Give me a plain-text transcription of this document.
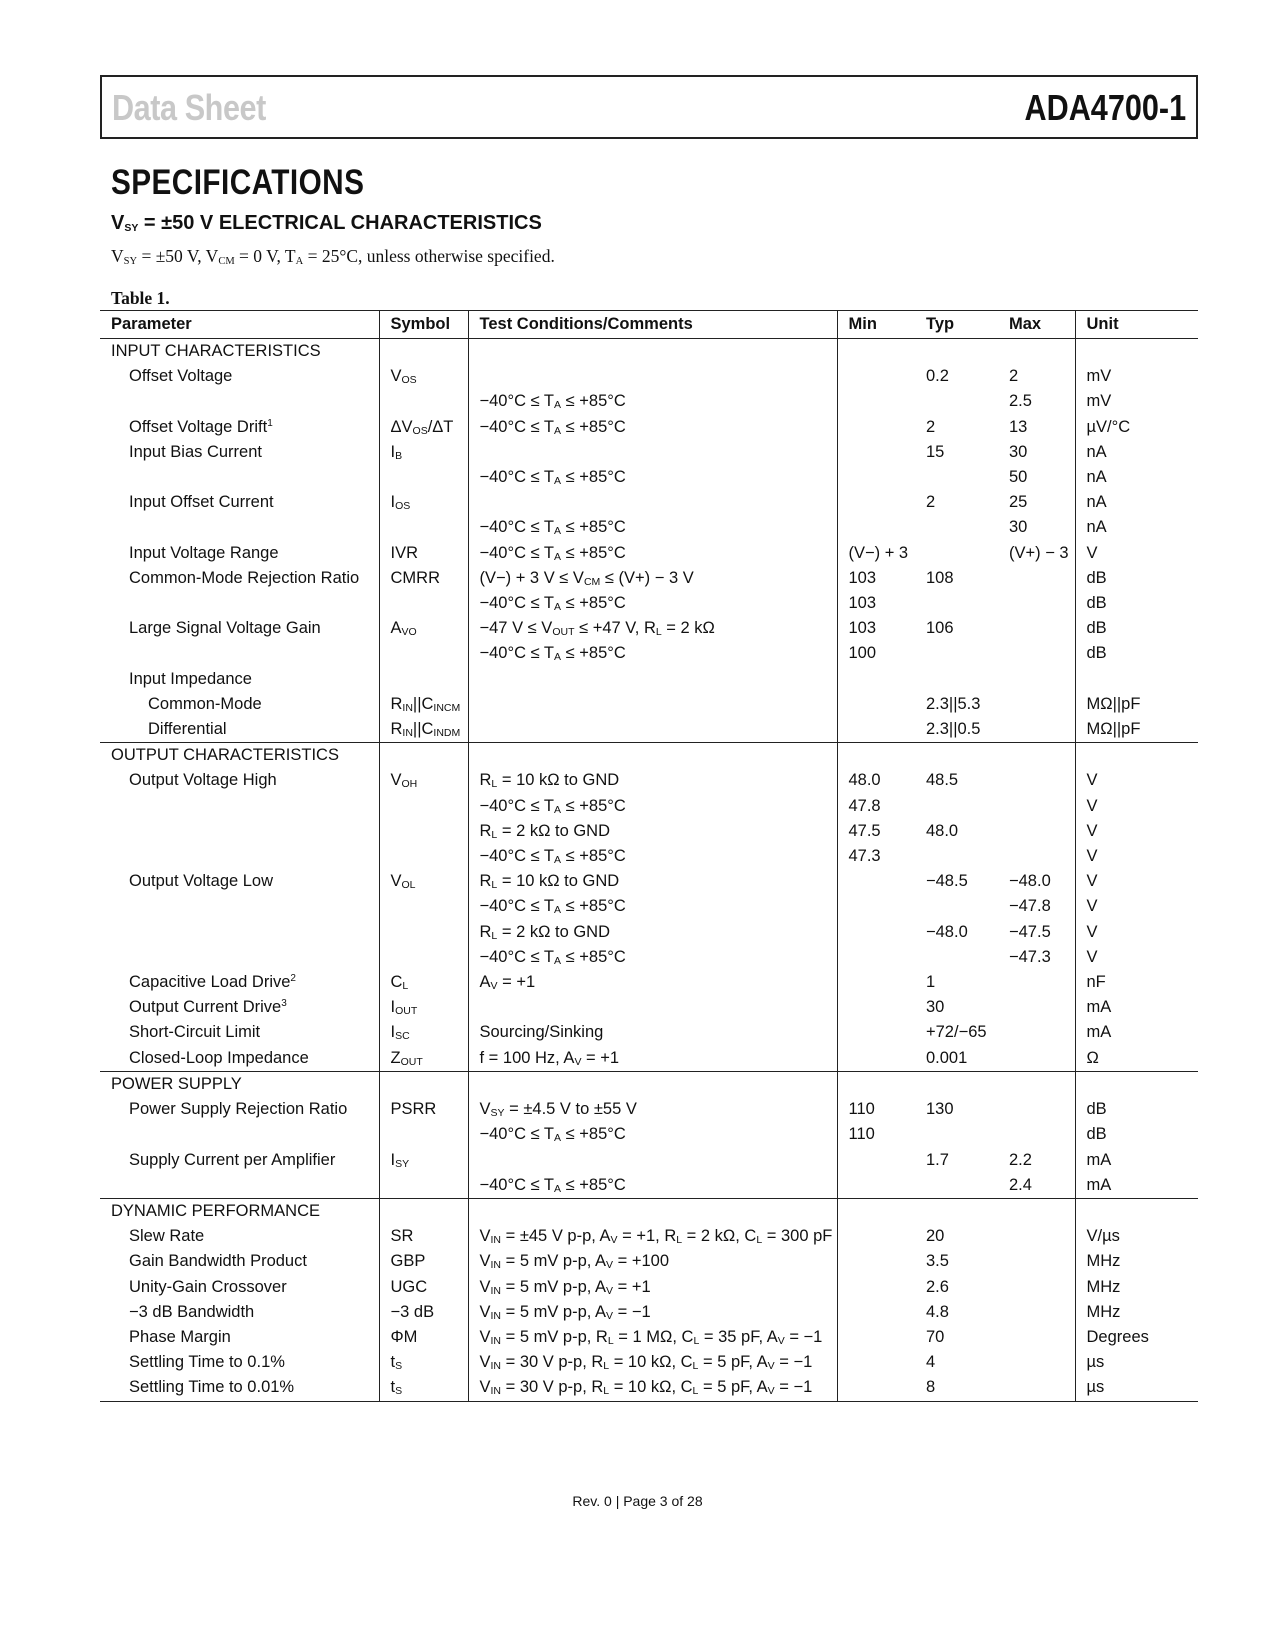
Data Sheet	ADA4700-1
SPECIFICATIONS
$V_{SY} = \pm 50$ V ELECTRICAL CHARACTERISTICS
$V_{SY} = \pm 50$ V, $V_{CM} = 0$ V, $T_A = 25^\circ C$, unless otherwise specified.
Table 1.
Parameter	Symbol	Test Conditions/Comments	Min	Typ	Max	Unit
INPUT CHARACTERISTICS						
Offset Voltage	$V_{OS}$			0.2	2	mV
		$-40^\circ C \le T_A \le +85^\circ C$			2.5	mV
Offset Voltage Drift$^1$	$\Delta V_{OS}/\Delta T$	$-40^\circ C \le T_A \le +85^\circ C$		2	13	µV/°C
Input Bias Current	$I_B$			15	30	nA
		$-40^\circ C \le T_A \le +85^\circ C$			50	nA
Input Offset Current	$I_{OS}$			2	25	nA
		$-40^\circ C \le T_A \le +85^\circ C$			30	nA
Input Voltage Range	IVR	$-40^\circ C \le T_A \le +85^\circ C$	(V−) + 3		(V+) − 3	V
Common-Mode Rejection Ratio	CMRR	(V−) + 3 $V \le V_{CM} \le (V+) - 3$ V	103	108		dB
		$-40^\circ C \le T_A \le +85^\circ C$	103			dB
Large Signal Voltage Gain	$A_{VO}$	−47 $V \le V_{OUT} \le +47$ V, $R_L = 2$ kΩ	103	106		dB
		$-40^\circ C \le T_A \le +85^\circ C$	100			dB
Input Impedance						
Common-Mode	$R_{IN}||C_{INCM}$			2.3||5.3		MΩ||pF
Differential	$R_{IN}||C_{INDM}$			2.3||0.5		MΩ||pF
OUTPUT CHARACTERISTICS						
Output Voltage High	$V_{OH}$	$R_L = 10$ kΩ to GND	48.0	48.5		V
		$-40^\circ C \le T_A \le +85^\circ C$	47.8			V
		$R_L = 2$ kΩ to GND	47.5	48.0		V
		$-40^\circ C \le T_A \le +85^\circ C$	47.3			V
Output Voltage Low	$V_{OL}$	$R_L = 10$ kΩ to GND		−48.5	−48.0	V
		$-40^\circ C \le T_A \le +85^\circ C$			−47.8	V
		$R_L = 2$ kΩ to GND		−48.0	−47.5	V
		$-40^\circ C \le T_A \le +85^\circ C$			−47.3	V
Capacitive Load Drive$^2$	$C_L$	$A_V = +1$		1		nF
Output Current Drive$^3$	$I_{OUT}$			30		mA
Short-Circuit Limit	$I_{SC}$	Sourcing/Sinking		+72/−65		mA
Closed-Loop Impedance	$Z_{OUT}$	f = 100 Hz, $A_V = +1$		0.001		Ω
POWER SUPPLY						
Power Supply Rejection Ratio	PSRR	$V_{SY} = \pm 4.5$ V to ±55 V	110	130		dB
		$-40^\circ C \le T_A \le +85^\circ C$	110			dB
Supply Current per Amplifier	$I_{SY}$			1.7	2.2	mA
		$-40^\circ C \le T_A \le +85^\circ C$			2.4	mA
DYNAMIC PERFORMANCE						
Slew Rate	SR	$V_{IN} = \pm 45$ V p-p, $A_V = +1$, $R_L = 2$ kΩ, $C_L = 300$ pF		20		V/µs
Gain Bandwidth Product	GBP	$V_{IN} = 5$ mV p-p, $A_V = +100$		3.5		MHz
Unity-Gain Crossover	UGC	$V_{IN} = 5$ mV p-p, $A_V = +1$		2.6		MHz
−3 dB Bandwidth	−3 dB	$V_{IN} = 5$ mV p-p, $A_V = -1$		4.8		MHz
Phase Margin	ΦM	$V_{IN} = 5$ mV p-p, $R_L = 1$ MΩ, $C_L = 35$ pF, $A_V = -1$		70		Degrees
Settling Time to 0.1%	$t_S$	$V_{IN} = 30$ V p-p, $R_L = 10$ kΩ, $C_L = 5$ pF, $A_V = -1$		4		µs
Settling Time to 0.01%	$t_S$	$V_{IN} = 30$ V p-p, $R_L = 10$ kΩ, $C_L = 5$ pF, $A_V = -1$		8		µs
Rev. 0 | Page 3 of 28
